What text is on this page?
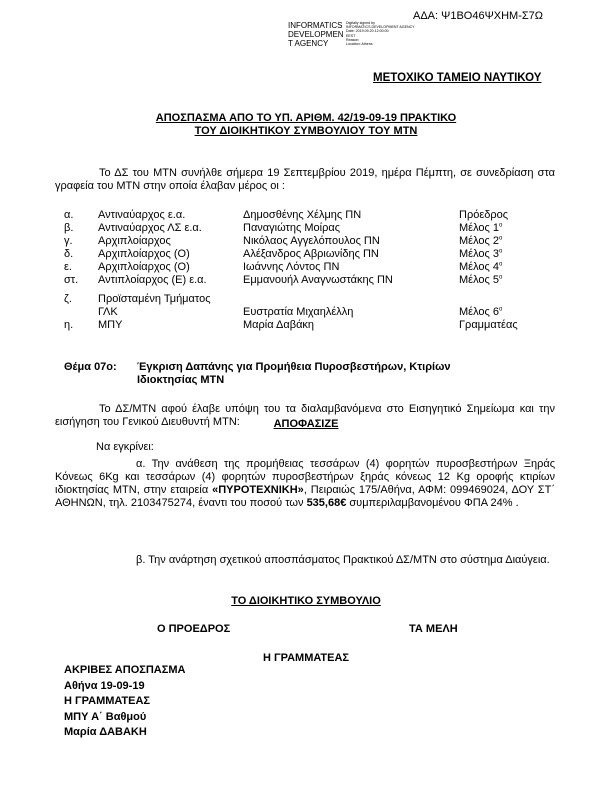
ΑΔΑ: Ψ1ΒΟ46ΨΧΗΜ-Σ7Ω
INFORMATICS
DEVELOPMEN
T AGENCY
Digitally signed by
INFORMATICS DEVELOPMENT AGENCY
Date: 2019.09.20 12:00:00
EEST
Reason:
Location: Athens
ΜΕΤΟΧΙΚΟ ΤΑΜΕΙΟ ΝΑΥΤΙΚΟΥ
ΑΠΟΣΠΑΣΜΑ ΑΠΟ ΤΟ ΥΠ. ΑΡΙΘΜ. 42/19-09-19 ΠΡΑΚΤΙΚΟ
ΤΟΥ ΔΙΟΙΚΗΤΙΚΟΥ ΣΥΜΒΟΥΛΙΟΥ ΤΟΥ ΜΤΝ
Το ΔΣ του ΜΤΝ συνήλθε σήμερα 19 Σεπτεμβρίου 2019, ημέρα Πέμπτη, σε συνεδρίαση στα γραφεία του ΜΤΝ στην οποία έλαβαν μέρος οι :
α. Αντιναύαρχος ε.α.	Δημοσθένης Χέλμης ΠΝ	Πρόεδρος
β. Αντιναύαρχος ΛΣ ε.α.	Παναγιώτης Μοίρας	Μέλος $1^o$
γ. Αρχιπλοίαρχος	Νικόλαος Αγγελόπουλος ΠΝ	Μέλος $2^o$
δ. Αρχιπλοίαρχος (Ο)	Αλέξανδρος Αβριωνίδης ΠΝ	Μέλος $3^o$
ε. Αρχιπλοίαρχος (Ο)	Ιωάννης Λόντος ΠΝ	Μέλος $4^o$
στ. Αντιπλοίαρχος (Ε) ε.α.	Εμμανουήλ Αναγνωστάκης ΠΝ	Μέλος $5^o$
ζ. Προϊσταμένη Τμήματος
ΓΛΚ	Ευστρατία Μιχαηλέλλη	Μέλος $6^o$
η. ΜΠΥ	Μαρία Δαβάκη	Γραμματέας
Θέμα 07ο: Έγκριση Δαπάνης για Προμήθεια Πυροσβεστήρων, Κτιρίων
Ιδιοκτησίας ΜΤΝ
Το ΔΣ/ΜΤΝ αφού έλαβε υπόψη του τα διαλαμβανόμενα στο Εισηγητικό Σημείωμα και την εισήγηση του Γενικού Διευθυντή ΜΤΝ:	ΑΠΟΦΑΣΙΖΕ
Να εγκρίνει:
α. Την ανάθεση της προμήθειας τεσσάρων (4) φορητών πυροσβεστήρων Ξηράς Κόνεως 6Kg και τεσσάρων (4) φορητών πυροσβεστήρων ξηράς κόνεως 12 Kg οροφής κτιρίων ιδιοκτησίας ΜΤΝ, στην εταιρεία «ΠΥΡΟΤΕΧΝΙΚΗ», Πειραιώς 175/Αθήνα, ΑΦΜ: 099469024, ΔΟΥ ΣΤ΄ ΑΘΗΝΩΝ, τηλ. 2103475274, έναντι του ποσού των 535,68€ συμπεριλαμβανομένου ΦΠΑ 24% .
β. Την ανάρτηση σχετικού αποσπάσματος Πρακτικού ΔΣ/ΜΤΝ στο σύστημα Διαύγεια.
ΤΟ ΔΙΟΙΚΗΤΙΚΟ ΣΥΜΒΟΥΛΙΟ
Ο ΠΡΟΕΔΡΟΣ	ΤΑ ΜΕΛΗ
Η ΓΡΑΜΜΑΤΕΑΣ
ΑΚΡΙΒΕΣ ΑΠΟΣΠΑΣΜΑ
Αθήνα 19-09-19
Η ΓΡΑΜΜΑΤΕΑΣ
ΜΠΥ Α΄ Βαθμού
Μαρία ΔΑΒΑΚΗ
